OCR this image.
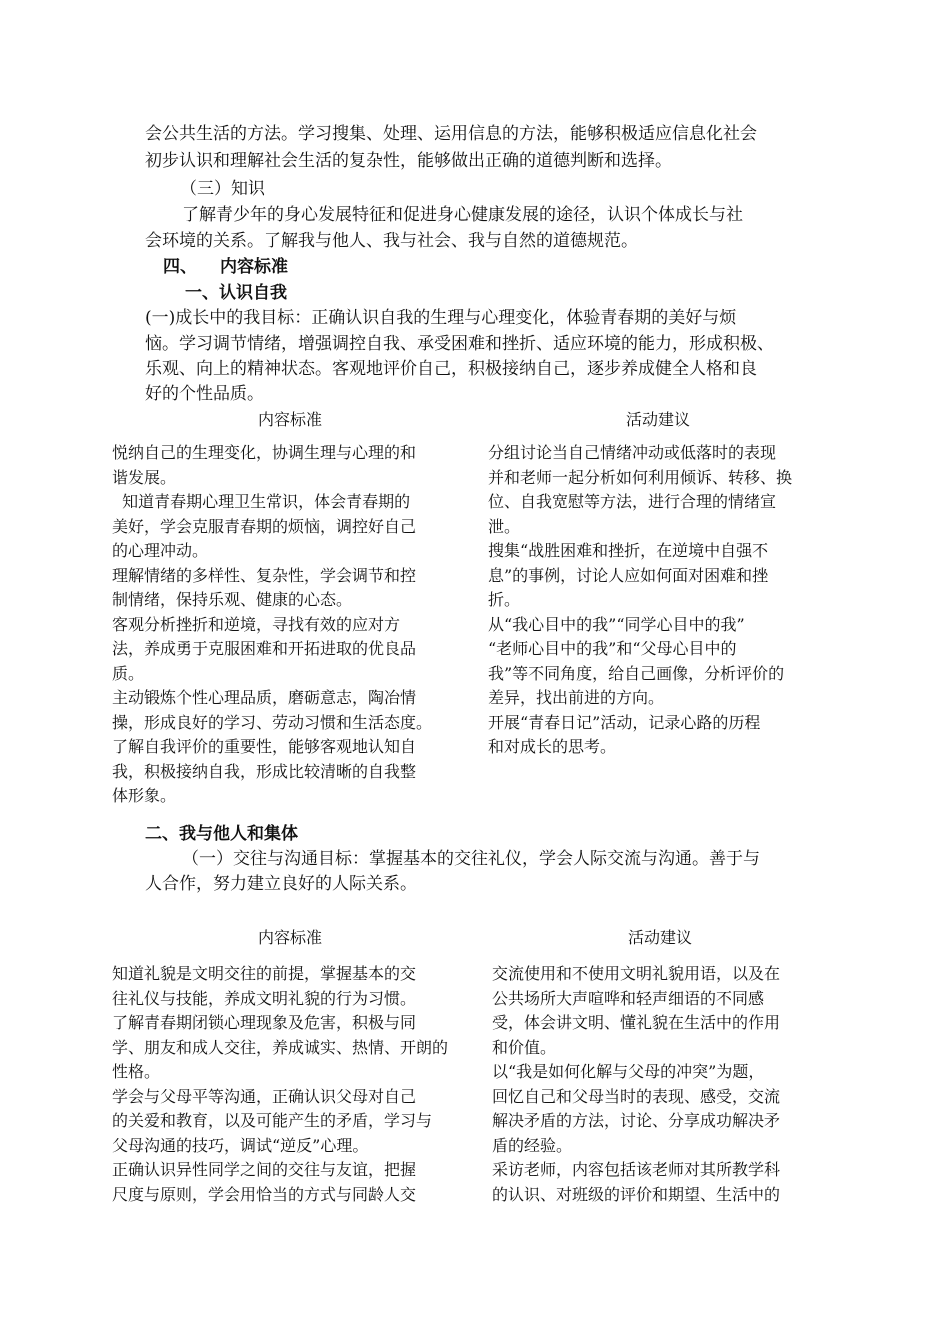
会公共生活的方法。学习搜集、处理、运用信息的方法，能够积极适应信息化社会
初步认识和理解社会生活的复杂性，能够做出正确的道德判断和选择。
（三）知识
了解青少年的身心发展特征和促进身心健康发展的途径，认识个体成长与社
会环境的关系。了解我与他人、我与社会、我与自然的道德规范。
四、 内容标准
一、认识自我
(一)成长中的我目标：正确认识自我的生理与心理变化，体验青春期的美好与烦
恼。学习调节情绪，增强调控自我、承受困难和挫折、适应环境的能力，形成积极、
乐观、向上的精神状态。客观地评价自己，积极接纳自己，逐步养成健全人格和良
好的个性品质。
内容标准	活动建议
悦纳自己的生理变化，协调生理与心理的和
谐发展。
知道青春期心理卫生常识，体会青春期的
美好，学会克服青春期的烦恼，调控好自己
的心理冲动。
理解情绪的多样性、复杂性，学会调节和控
制情绪，保持乐观、健康的心态。
客观分析挫折和逆境，寻找有效的应对方
法，养成勇于克服困难和开拓进取的优良品
质。
主动锻炼个性心理品质，磨砺意志，陶冶情
操，形成良好的学习、劳动习惯和生活态度。
了解自我评价的重要性，能够客观地认知自
我，积极接纳自我，形成比较清晰的自我整
体形象。
分组讨论当自己情绪冲动或低落时的表现
并和老师一起分析如何利用倾诉、转移、换
位、自我宽慰等方法，进行合理的情绪宣
泄。
搜集“战胜困难和挫折，在逆境中自强不
息”的事例，讨论人应如何面对困难和挫
折。
从“我心目中的我”“同学心目中的我”
“老师心目中的我”和“父母心目中的
我”等不同角度，给自己画像，分析评价的
差异，找出前进的方向。
开展“青春日记”活动，记录心路的历程
和对成长的思考。
二、我与他人和集体
（一）交往与沟通目标：掌握基本的交往礼仪，学会人际交流与沟通。善于与
人合作，努力建立良好的人际关系。
内容标准	活动建议
知道礼貌是文明交往的前提，掌握基本的交
往礼仪与技能，养成文明礼貌的行为习惯。
了解青春期闭锁心理现象及危害，积极与同
学、朋友和成人交往，养成诚实、热情、开朗的
性格。
学会与父母平等沟通，正确认识父母对自己
的关爱和教育，以及可能产生的矛盾，学习与
父母沟通的技巧，调试“逆反”心理。
正确认识异性同学之间的交往与友谊，把握
尺度与原则，学会用恰当的方式与同龄人交
交流使用和不使用文明礼貌用语，以及在
公共场所大声喧哗和轻声细语的不同感
受，体会讲文明、懂礼貌在生活中的作用
和价值。
以“我是如何化解与父母的冲突”为题，
回忆自己和父母当时的表现、感受，交流
解决矛盾的方法，讨论、分享成功解决矛
盾的经验。
采访老师，内容包括该老师对其所教学科
的认识、对班级的评价和期望、生活中的
